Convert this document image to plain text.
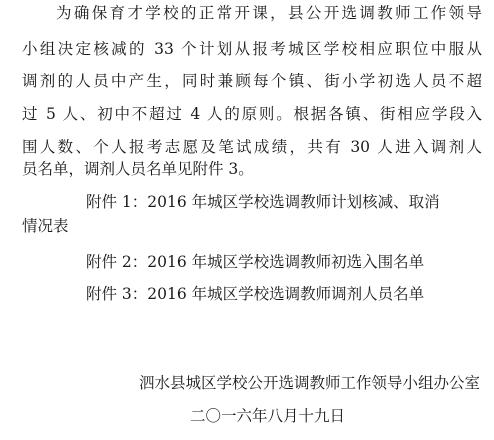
为确保育才学校的正常开课，县公开选调教师工作领导
小组决定核减的 33 个计划从报考城区学校相应职位中服从
调剂的人员中产生，同时兼顾每个镇、街小学初选人员不超
过 5 人、初中不超过 4 人的原则。根据各镇、街相应学段入
围人数、个人报考志愿及笔试成绩，共有 30 人进入调剂人
员名单，调剂人员名单见附件 3。
附件 1：2016 年城区学校选调教师计划核减、取消
情况表
附件 2：2016 年城区学校选调教师初选入围名单
附件 3：2016 年城区学校选调教师调剂人员名单
泗水县城区学校公开选调教师工作领导小组办公室
二〇一六年八月十九日
